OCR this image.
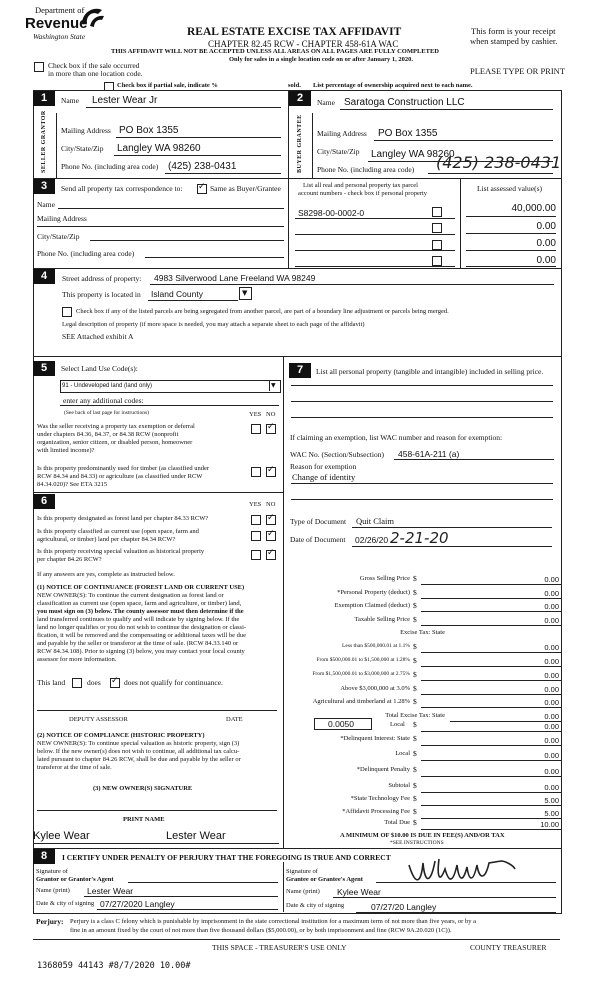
Department of
Revenue
Washington State	REAL ESTATE EXCISE TAX AFFIDAVIT
CHAPTER 82.45 RCW - CHAPTER 458-61A WAC
THIS AFFIDAVIT WILL NOT BE ACCEPTED UNLESS ALL AREAS ON ALL PAGES ARE FULLY COMPLETED
Only for sales in a single location code on or after January 1, 2020.
This form is your receipt
when stamped by cashier.
PLEASE TYPE OR PRINT
Check box if the sale occurred
in more than one location code.
Check box if partial sale, indicate %	sold. List percentage of ownership acquired next to each name.
1	2
SELLER GRANTOR	BUYER GRANTEE
Name Lester Wear Jr
Mailing Address PO Box 1355
City/State/Zip Langley WA 98260
Phone No. (including area code) (425) 238-0431
Name Saratoga Construction LLC
Mailing Address PO Box 1355
City/State/Zip Langley WA 98260
Phone No. (including area code) (425) 238-0431
3	Send all property tax correspondence to: ✓	Same as Buyer/Grantee
Name
Mailing Address
City/State/Zip
Phone No. (including area code)
List all real and personal property tax parcel
account numbers - check box if personal property
List assessed value(s)
S8298-00-0002-0	40,000.00
0.00
0.00
0.00
4	Street address of property: 4983 Silverwood Lane Freeland WA 98249
This property is located in Island County	▼
Check box if any of the listed parcels are being segregated from another parcel, are part of a boundary line adjustment or parcels being merged.
Legal description of property (if more space is needed, you may attach a separate sheet to each page of the affidavit)
SEE Attached exhibit A
5	Select Land Use Code(s):
91 - Undeveloped land (land only)	▼
enter any additional codes:
(See back of last page for instructions)	YES NO
Was the seller receiving a property tax exemption or deferral
under chapters 84.36, 84.37, or 84.38 RCW (nonprofit
organization, senior citizen, or disabled person, homeowner
with limited income)?
✓
Is this property predominantly used for timber (as classified under
RCW 84.34 and 84.33) or agriculture (as classified under RCW
84.34.020)? See ETA 3215
✓
6	YES NO
Is this property designated as forest land per chapter 84.33 RCW?
✓
Is this property classified as current use (open space, farm and
agricultural, or timber) land per chapter 84.34 RCW?
✓
Is this property receiving special valuation as historical property
per chapter 84.26 RCW?
✓
If any answers are yes, complete as instructed below.
(1) NOTICE OF CONTINUANCE (FOREST LAND OR CURRENT USE)
NEW OWNER(S): To continue the current designation as forest land or
classification as current use (open space, farm and agriculture, or timber) land,
you must sign on (3) below. The county assessor must then determine if the
land transferred continues to qualify and will indicate by signing below. If the
land no longer qualifies or you do not wish to continue the designation or classi-
fication, it will be removed and the compensating or additional taxes will be due
and payable by the seller or transferor at the time of sale. (RCW 84.33.140 or
RCW 84.34.108). Prior to signing (3) below, you may contact your local county
assessor for more information.
This land	does ✓	does not qualify for continuance.
DEPUTY ASSESSOR	DATE
(2) NOTICE OF COMPLIANCE (HISTORIC PROPERTY)
NEW OWNER(S): To continue special valuation as historic property, sign (3)
below. If the new owner(s) does not wish to continue, all additional tax calcu-
lated pursuant to chapter 84.26 RCW, shall be due and payable by the seller or
transferor at the time of sale.
(3) NEW OWNER(S) SIGNATURE
PRINT NAME
Kylee Wear	Lester Wear
7	List all personal property (tangible and intangible) included in selling price.
If claiming an exemption, list WAC number and reason for exemption:
WAC No. (Section/Subsection) 458-61A-211 (a)
Reason for exemption
Change of identity
Type of Document Quit Claim
Date of Document 02/26/20 2-21-20
Gross Selling Price $	0.00
*Personal Property (deduct) $	0.00
Exemption Claimed (deduct) $	0.00
Taxable Selling Price $	0.00
Excise Tax: State
Less than $500,000.01 at 1.1% $	0.00
From $500,000.01 to $1,500,000 at 1.28% $	0.00
From $1,500,000.01 to $3,000,000 at 2.75% $	0.00
Above $3,000,000 at 3.0% $	0.00
Agricultural and timberland at 1.28% $	0.00
Total Excise Tax: State	0.00
0.0050	Local $	0.00
*Delinquent Interest: State $	0.00
Local $	0.00
*Delinquent Penalty $	0.00
Subtotal $	0.00
*State Technology Fee $	5.00
*Affidavit Processing Fee $	5.00
Total Due $	10.00
A MINIMUM OF $10.00 IS DUE IN FEE(S) AND/OR TAX
*SEE INSTRUCTIONS
8	I CERTIFY UNDER PENALTY OF PERJURY THAT THE FOREGOING IS TRUE AND CORRECT
Signature of
Grantor or Grantor's Agent
Name (print) Lester Wear
Date & city of signing 07/27/2020 Langley
Signature of
Grantee or Grantee's Agent
Name (print) Kylee Wear
Date & city of signing	07/27/20 Langley
Perjury: Perjury is a class C felony which is punishable by imprisonment in the state correctional institution for a maximum term of not more than five years, or by a
fine in an amount fixed by the court of not more than five thousand dollars ($5,000.00), or by both imprisonment and fine (RCW 9A.20.020 (1C)).
THIS SPACE - TREASURER'S USE ONLY	COUNTY TREASURER
1368059 44143 #8/7/2020 10.00#
